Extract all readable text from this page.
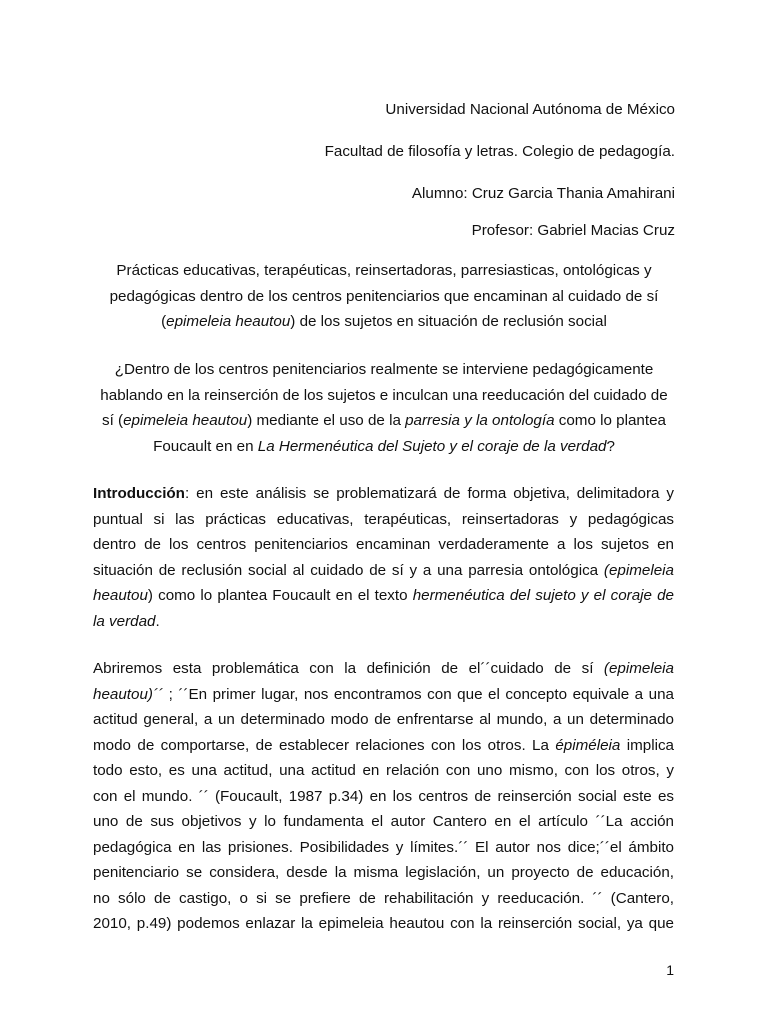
Universidad Nacional Autónoma de México

Facultad de filosofía y letras. Colegio de pedagogía.

Alumno: Cruz Garcia Thania Amahirani

Profesor: Gabriel Macias Cruz

Prácticas educativas, terapéuticas, reinsertadoras, parresiasticas, ontológicas y
pedagógicas dentro de los centros penitenciarios que encaminan al cuidado de sí
(epimeleia heautou) de los sujetos en situación de reclusión social
¿Dentro de los centros penitenciarios realmente se interviene pedagógicamente
hablando en la reinserción de los sujetos e inculcan una reeducación del cuidado de
sí (epimeleia heautou) mediante el uso de la parresia y la ontología como lo plantea
Foucault en en La Hermenéutica del Sujeto y el coraje de la verdad?
Introducción: en este análisis se problematizará de forma objetiva, delimitadora y
puntual si las prácticas educativas, terapéuticas, reinsertadoras y pedagógicas
dentro de los centros penitenciarios encaminan verdaderamente a los sujetos en
situación de reclusión social al cuidado de sí y a una parresia ontológica (epimeleia
heautou) como lo plantea Foucault en el texto hermenéutica del sujeto y el coraje de
la verdad.
Abriremos esta problemática con la definición de el´´cuidado de sí (epimeleia
heautou)´´ ; ´´En primer lugar, nos encontramos con que el concepto equivale a una
actitud general, a un determinado modo de enfrentarse al mundo, a un determinado
modo de comportarse, de establecer relaciones con los otros. La épiméleia implica
todo esto, es una actitud, una actitud en relación con uno mismo, con los otros, y
con el mundo. ´´ (Foucault, 1987 p.34) en los centros de reinserción social este es
uno de sus objetivos y lo fundamenta el autor Cantero en el artículo ´´La acción
pedagógica en las prisiones. Posibilidades y límites.´´ El autor nos dice;´´el ámbito
penitenciario se considera, desde la misma legislación, un proyecto de educación,
no sólo de castigo, o si se prefiere de rehabilitación y reeducación. ´´ (Cantero,
2010, p.49) podemos enlazar la epimeleia heautou con la reinserción social, ya que

1
